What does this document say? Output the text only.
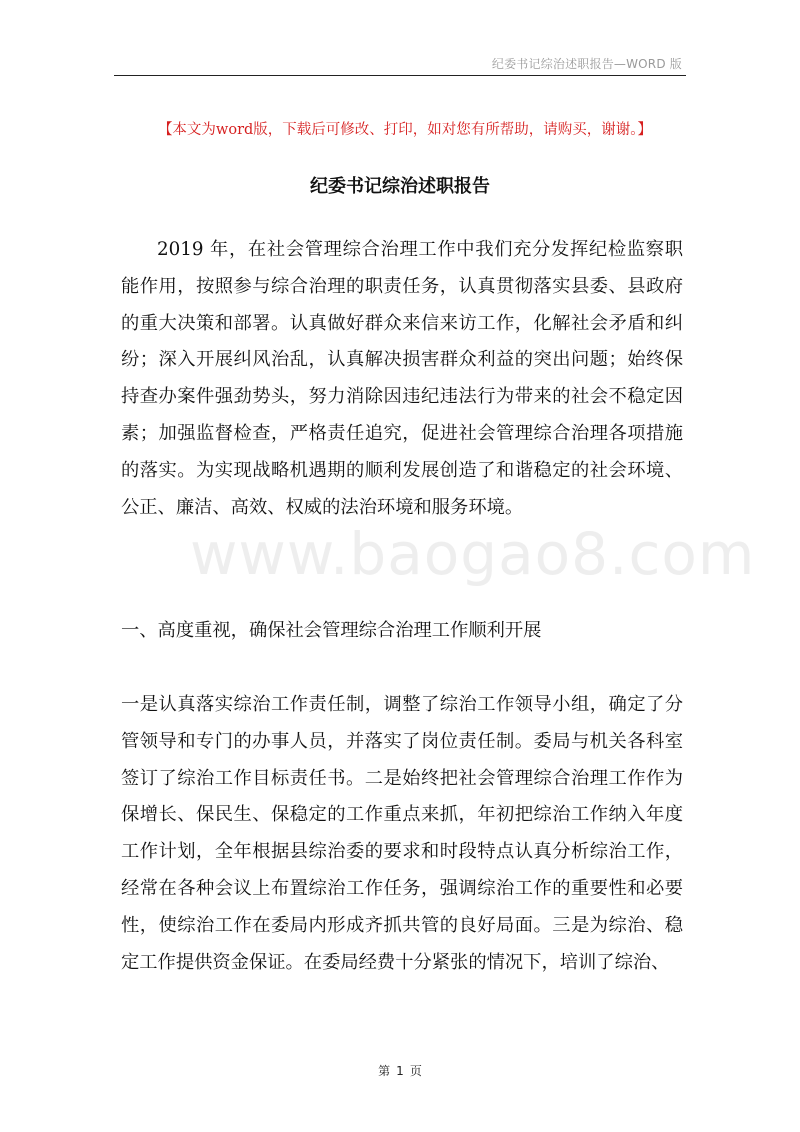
纪委书记综治述职报告—WORD 版
【本文为word版，下载后可修改、打印，如对您有所帮助，请购买，谢谢。】
纪委书记综治述职报告

2019 年，在社会管理综合治理工作中我们充分发挥纪检监察职能作用，按照参与综合治理的职责任务，认真贯彻落实县委、县政府的重大决策和部署。认真做好群众来信来访工作，化解社会矛盾和纠纷；深入开展纠风治乱，认真解决损害群众利益的突出问题；始终保持查办案件强劲势头，努力消除因违纪违法行为带来的社会不稳定因素；加强监督检查，严格责任追究，促进社会管理综合治理各项措施的落实。为实现战略机遇期的顺利发展创造了和谐稳定的社会环境、公正、廉洁、高效、权威的法治环境和服务环境。

www.baogao8.com

一、高度重视，确保社会管理综合治理工作顺利开展

一是认真落实综治工作责任制，调整了综治工作领导小组，确定了分管领导和专门的办事人员，并落实了岗位责任制。委局与机关各科室签订了综治工作目标责任书。二是始终把社会管理综合治理工作作为保增长、保民生、保稳定的工作重点来抓，年初把综治工作纳入年度工作计划，全年根据县综治委的要求和时段特点认真分析综治工作，经常在各种会议上布置综治工作任务，强调综治工作的重要性和必要性，使综治工作在委局内形成齐抓共管的良好局面。三是为综治、稳定工作提供资金保证。在委局经费十分紧张的情况下，培训了综治、

第 1 页
